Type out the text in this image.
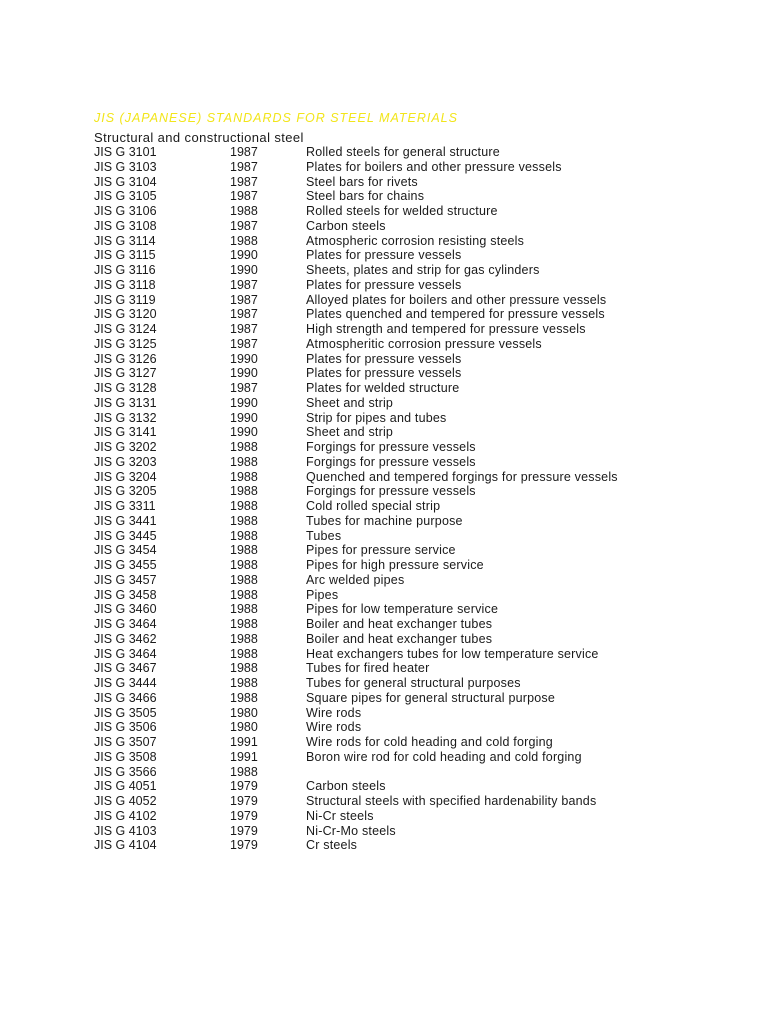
JIS (JAPANESE) STANDARDS FOR STEEL MATERIALS
Structural and constructional steel
JIS G 3101	1987	Rolled steels for general structure
JIS G 3103	1987	Plates for boilers and other pressure vessels
JIS G 3104	1987	Steel bars for rivets
JIS G 3105	1987	Steel bars for chains
JIS G 3106	1988	Rolled steels for welded structure
JIS G 3108	1987	Carbon steels
JIS G 3114	1988	Atmospheric corrosion resisting steels
JIS G 3115	1990	Plates for pressure vessels
JIS G 3116	1990	Sheets, plates and strip for gas cylinders
JIS G 3118	1987	Plates for pressure vessels
JIS G 3119	1987	Alloyed plates for boilers and other pressure vessels
JIS G 3120	1987	Plates quenched and tempered for pressure vessels
JIS G 3124	1987	High strength and tempered for pressure vessels
JIS G 3125	1987	Atmospheritic corrosion pressure vessels
JIS G 3126	1990	Plates for pressure vessels
JIS G 3127	1990	Plates for pressure vessels
JIS G 3128	1987	Plates for welded structure
JIS G 3131	1990	Sheet and strip
JIS G 3132	1990	Strip for pipes and tubes
JIS G 3141	1990	Sheet and strip
JIS G 3202	1988	Forgings for pressure vessels
JIS G 3203	1988	Forgings for pressure vessels
JIS G 3204	1988	Quenched and tempered forgings for pressure vessels
JIS G 3205	1988	Forgings for pressure vessels
JIS G 3311	1988	Cold rolled special strip
JIS G 3441	1988	Tubes for machine purpose
JIS G 3445	1988	Tubes
JIS G 3454	1988	Pipes for pressure service
JIS G 3455	1988	Pipes for high pressure service
JIS G 3457	1988	Arc welded pipes
JIS G 3458	1988	Pipes
JIS G 3460	1988	Pipes for low temperature service
JIS G 3464	1988	Boiler and heat exchanger tubes
JIS G 3462	1988	Boiler and heat exchanger tubes
JIS G 3464	1988	Heat exchangers tubes for low temperature service
JIS G 3467	1988	Tubes for fired heater
JIS G 3444	1988	Tubes for general structural purposes
JIS G 3466	1988	Square pipes for general structural purpose
JIS G 3505	1980	Wire rods
JIS G 3506	1980	Wire rods
JIS G 3507	1991	Wire rods for cold heading and cold forging
JIS G 3508	1991	Boron wire rod for cold heading and cold forging
JIS G 3566	1988
JIS G 4051	1979	Carbon steels
JIS G 4052	1979	Structural steels with specified hardenability bands
JIS G 4102	1979	Ni-Cr steels
JIS G 4103	1979	Ni-Cr-Mo steels
JIS G 4104	1979	Cr steels
